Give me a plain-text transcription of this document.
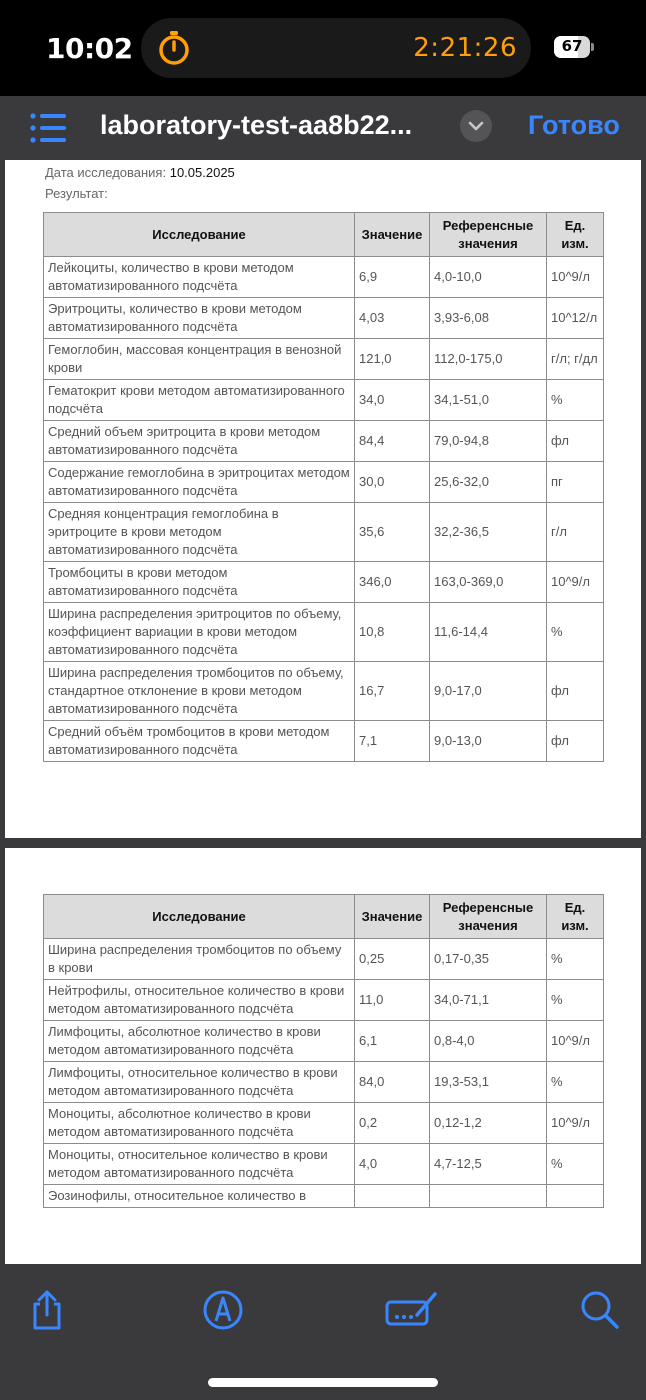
10:02	2:21:26	67
laboratory-test-aa8b22...	Готово
Дата исследования: 10.05.2025
Результат:
Исследование	Значение	Референсные значения	Ед. изм.
Лейкоциты, количество в крови методом автоматизированного подсчёта	6,9	4,0-10,0	10^9/л
Эритроциты, количество в крови методом автоматизированного подсчёта	4,03	3,93-6,08	10^12/л
Гемоглобин, массовая концентрация в венозной крови	121,0	112,0-175,0	г/л; г/дл
Гематокрит крови методом автоматизированного подсчёта	34,0	34,1-51,0	%
Средний объем эритроцита в крови методом автоматизированного подсчёта	84,4	79,0-94,8	фл
Содержание гемоглобина в эритроцитах методом автоматизированного подсчёта	30,0	25,6-32,0	пг
Средняя концентрация гемоглобина в эритроците в крови методом автоматизированного подсчёта	35,6	32,2-36,5	г/л
Тромбоциты в крови методом автоматизированного подсчёта	346,0	163,0-369,0	10^9/л
Ширина распределения эритроцитов по объему, коэффициент вариации в крови методом автоматизированного подсчёта	10,8	11,6-14,4	%
Ширина распределения тромбоцитов по объему, стандартное отклонение в крови методом автоматизированного подсчёта	16,7	9,0-17,0	фл
Средний объём тромбоцитов в крови методом автоматизированного подсчёта	7,1	9,0-13,0	фл
Исследование	Значение	Референсные значения	Ед. изм.
Ширина распределения тромбоцитов по объему в крови	0,25	0,17-0,35	%
Нейтрофилы, относительное количество в крови методом автоматизированного подсчёта	11,0	34,0-71,1	%
Лимфоциты, абсолютное количество в крови методом автоматизированного подсчёта	6,1	0,8-4,0	10^9/л
Лимфоциты, относительное количество в крови методом автоматизированного подсчёта	84,0	19,3-53,1	%
Моноциты, абсолютное количество в крови методом автоматизированного подсчёта	0,2	0,12-1,2	10^9/л
Моноциты, относительное количество в крови методом автоматизированного подсчёта	4,0	4,7-12,5	%
Эозинофилы, относительное количество в			
